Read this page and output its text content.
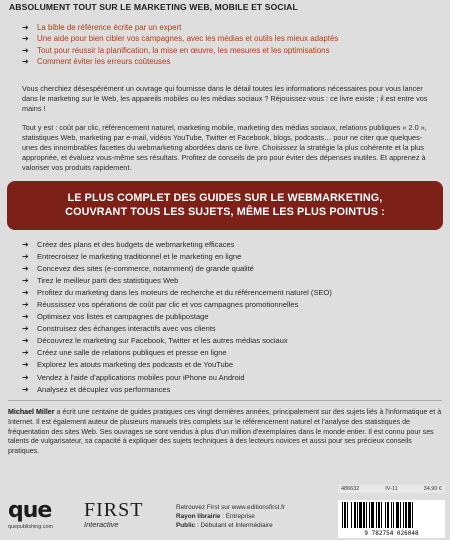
ABSOLUMENT TOUT SUR LE MARKETING WEB, MOBILE ET SOCIAL
➔ La bible de référence écrite par un expert
➔ Une aide pour bien cibler vos campagnes, avec les médias et outils les mieux adaptés
➔ Tout pour réussir la planification, la mise en œuvre, les mesures et les optimisations
➔ Comment éviter les erreurs coûteuses

Vous cherchiez désespérément un ouvrage qui fournisse dans le détail toutes les informations nécessaires pour vous lancer dans le marketing sur le Web, les appareils mobiles ou les médias sociaux ? Réjouissez-vous : ce livre existe ; il est entre vos mains !

Tout y est : coût par clic, référencement naturel, marketing mobile, marketing des médias sociaux, relations publiques « 2.0 », statistiques Web, marketing par e-mail, vidéos YouTube, Twitter et Facebook, blogs, podcasts… pour ne citer que quelques-unes des innombrables facettes du webmarketing abordées dans ce livre. Choisissez la stratégie la plus cohérente et la plus appropriée, et évaluez vous-même ses résultats. Profitez de conseils de pro pour éviter des dépenses inutiles. Et apprenez à valoriser vos produits rapidement.

LE PLUS COMPLET DES GUIDES SUR LE WEBMARKETING,
COUVRANT TOUS LES SUJETS, MÊME LES PLUS POINTUS :
➔ Créez des plans et des budgets de webmarketing efficaces
➔ Entrecroisez le marketing traditionnel et le marketing en ligne
➔ Concevez des sites (e-commerce, notamment) de grande qualité
➔ Tirez le meilleur parti des statistiques Web
➔ Profitez du marketing dans les moteurs de recherche et du référencement naturel (SEO)
➔ Réussissez vos opérations de coût par clic et vos campagnes promotionnelles
➔ Optimisez vos listes et campagnes de publipostage
➔ Construisez des échanges interactifs avec vos clients
➔ Découvrez le marketing sur Facebook, Twitter et les autres médias sociaux
➔ Créez une salle de relations publiques et presse en ligne
➔ Explorez les atouts marketing des podcasts et de YouTube
➔ Vendez à l'aide d'applications mobiles pour iPhone ou Android
➔ Analysez et décuplez vos performances
Michael Miller a écrit une centaine de guides pratiques ces vingt dernières années, principalement sur des sujets liés à l'informatique et à Internet. Il est également auteur de plusieurs manuels très complets sur le référencement naturel et l'analyse des statistiques de fréquentation des sites Web. Ses ouvrages se sont vendus à plus d'un million d'exemplaires dans le monde entier. Il est connu pour ses talents de vulgarisateur, sa capacité à expliquer des sujets techniques à des lecteurs novices et aussi pour ses précieux conseils pratiques.
que
quepublishing.com
FIRST
Interactive
Retrouvez First sur www.editionsfirst.fr
Rayon librairie : Entreprise
Public : Débutant et Intermédiaire
486632	IV-11	34,90 €
9 782754 026048
